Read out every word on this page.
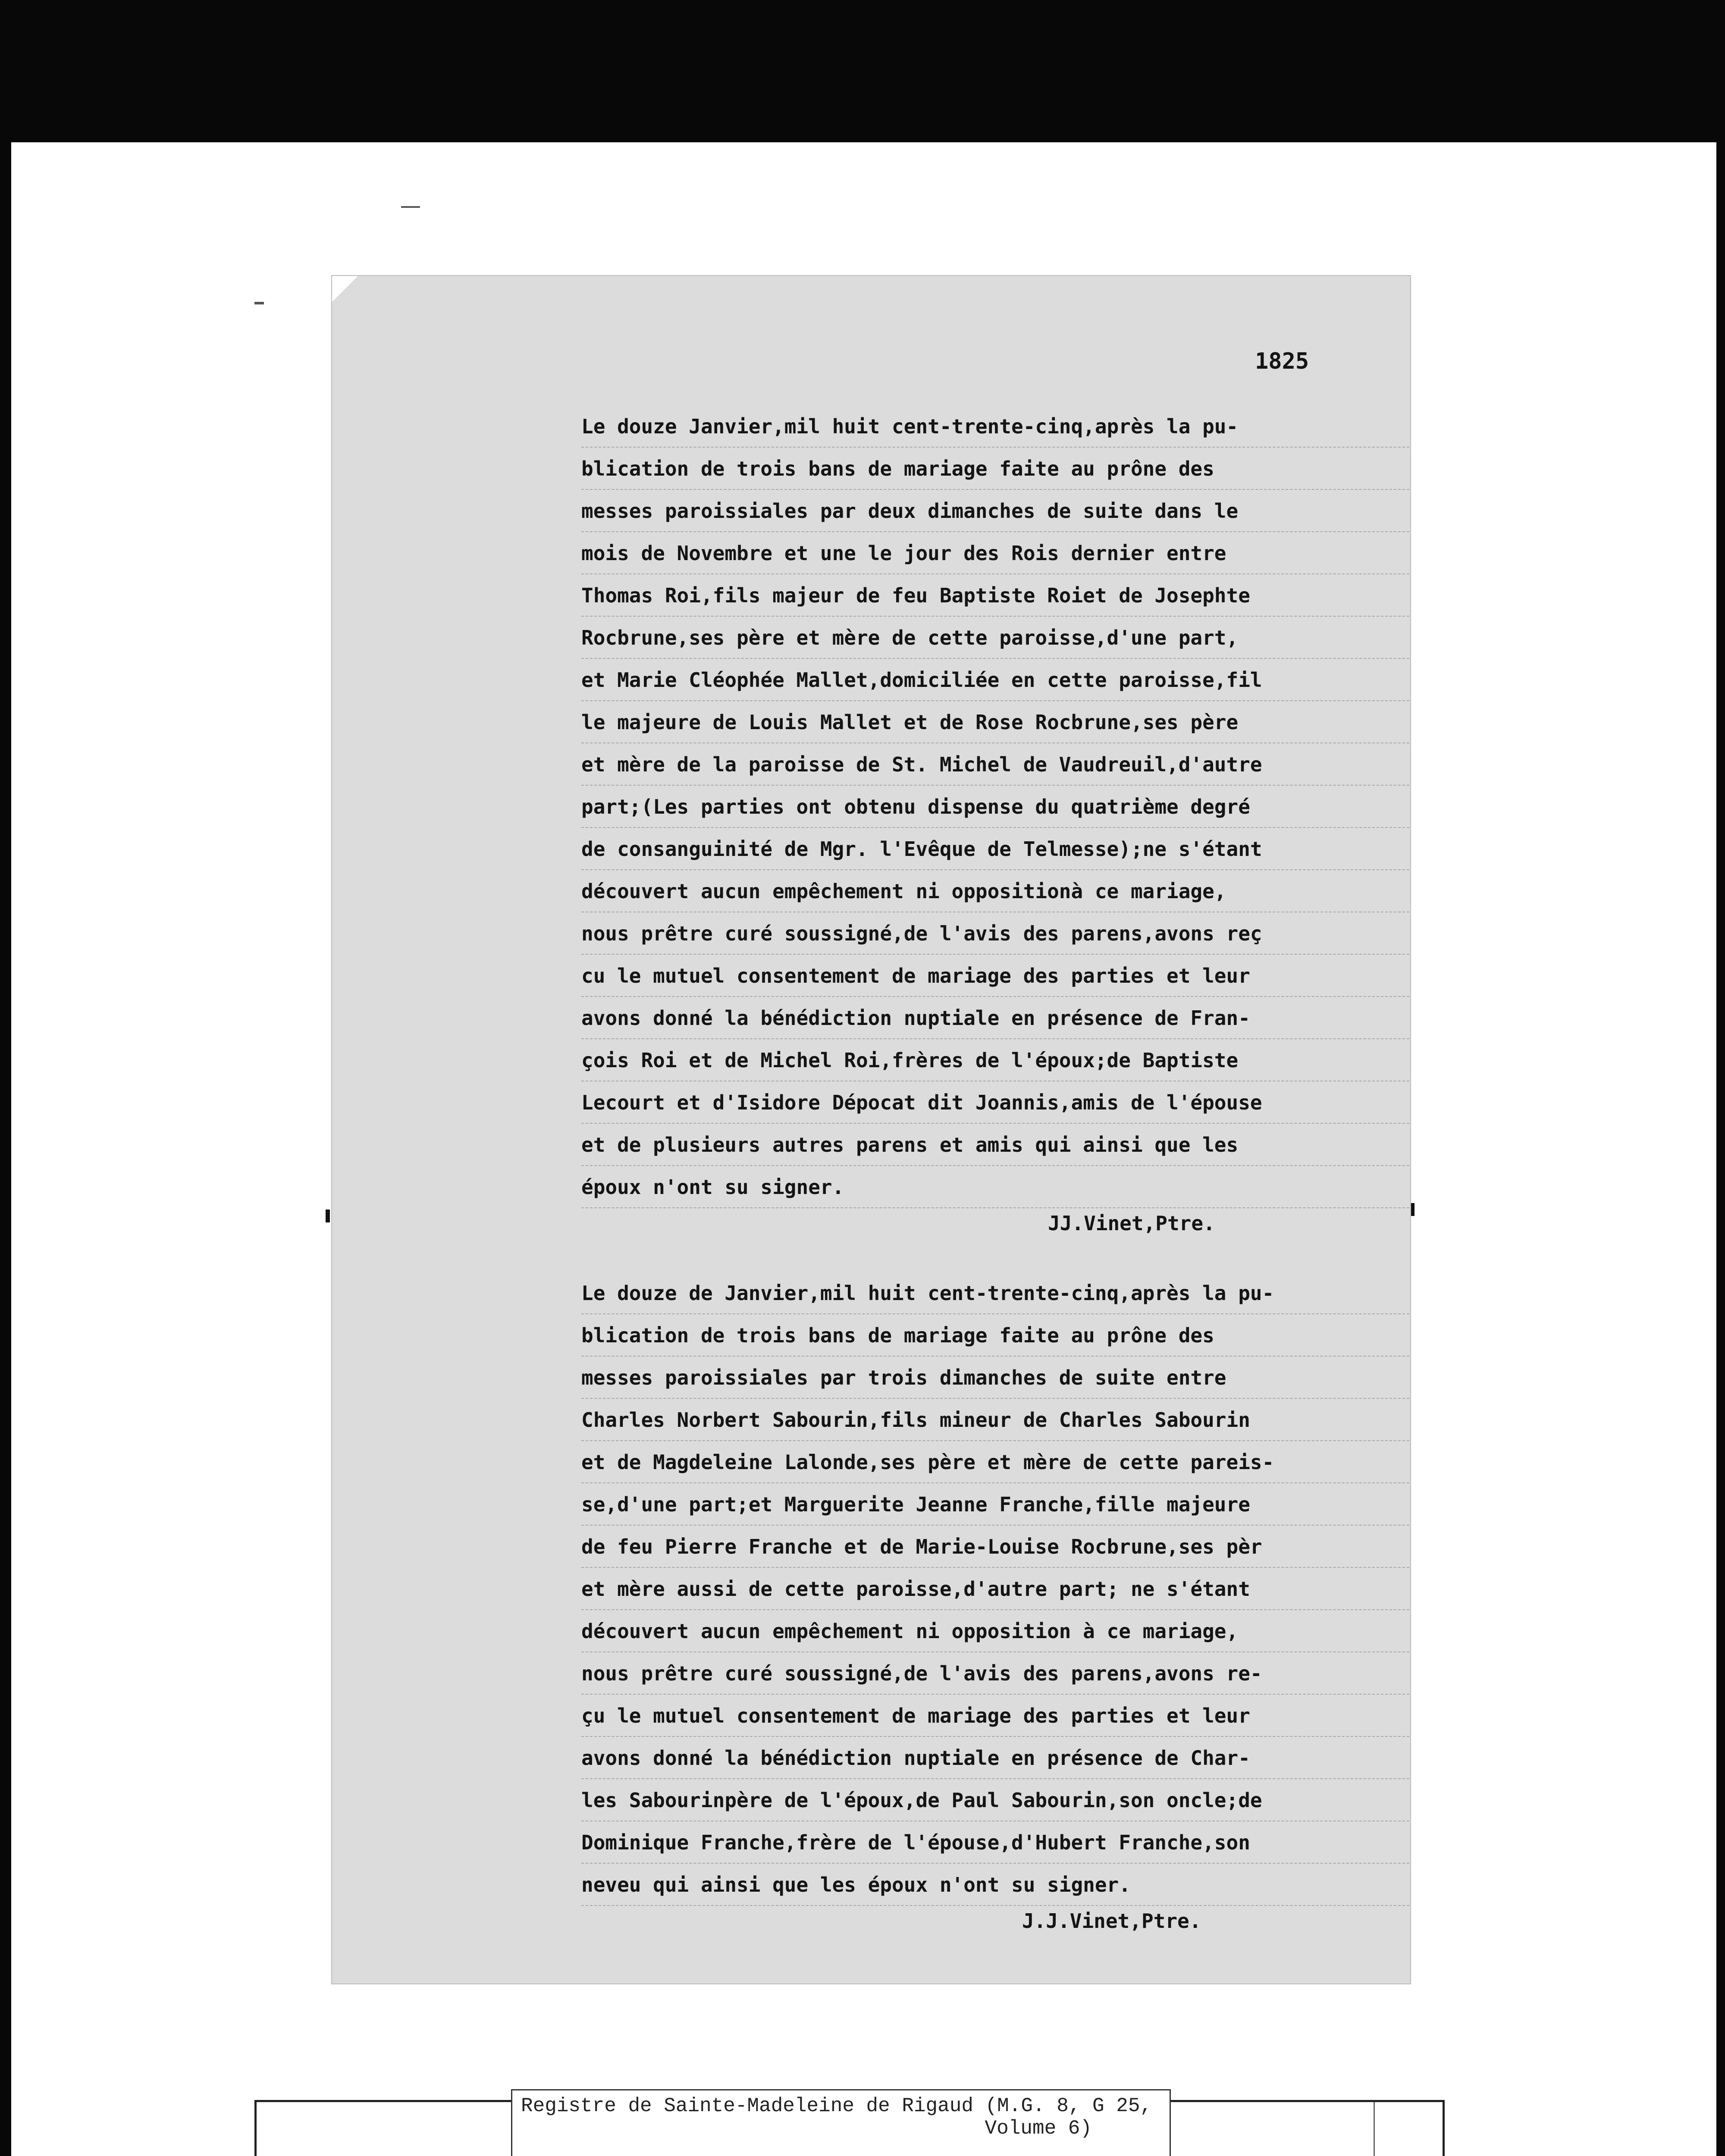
1825
Le douze Janvier,mil huit cent-trente-cinq,après la pu-
blication de trois bans de mariage faite au prône des
messes paroissiales par deux dimanches de suite dans le
mois de Novembre et une le jour des Rois dernier entre
Thomas Roi,fils majeur de feu Baptiste Roiet de Josephte
Rocbrune,ses père et mère de cette paroisse,d'une part,
et Marie Cléophée Mallet,domiciliée en cette paroisse,fil
le majeure de Louis Mallet et de Rose Rocbrune,ses père
et mère de la paroisse de St. Michel de Vaudreuil,d'autre
part;(Les parties ont obtenu dispense du quatrième degré
de consanguinité de Mgr. l'Evêque de Telmesse);ne s'étant
découvert aucun empêchement ni oppositionà ce mariage,
nous prêtre curé soussigné,de l'avis des parens,avons reç
cu le mutuel consentement de mariage des parties et leur
avons donné la bénédiction nuptiale en présence de Fran-
çois Roi et de Michel Roi,frères de l'époux;de Baptiste
Lecourt et d'Isidore Dépocat dit Joannis,amis de l'épouse
et de plusieurs autres parens et amis qui ainsi que les
époux n'ont su signer.
JJ.Vinet,Ptre.
Le douze de Janvier,mil huit cent-trente-cinq,après la pu-
blication de trois bans de mariage faite au prône des
messes paroissiales par trois dimanches de suite entre
Charles Norbert Sabourin,fils mineur de Charles Sabourin
et de Magdeleine Lalonde,ses père et mère de cette pareis-
se,d'une part;et Marguerite Jeanne Franche,fille majeure
de feu Pierre Franche et de Marie-Louise Rocbrune,ses pèr
et mère aussi de cette paroisse,d'autre part; ne s'étant
découvert aucun empêchement ni opposition à ce mariage,
nous prêtre curé soussigné,de l'avis des parens,avons re-
çu le mutuel consentement de mariage des parties et leur
avons donné la bénédiction nuptiale en présence de Char-
les Sabourinpère de l'époux,de Paul Sabourin,son oncle;de
Dominique Franche,frère de l'épouse,d'Hubert Franche,son
neveu qui ainsi que les époux n'ont su signer.
J.J.Vinet,Ptre.
Registre de Sainte-Madeleine de Rigaud (M.G. 8, G 25,
Volume 6)
